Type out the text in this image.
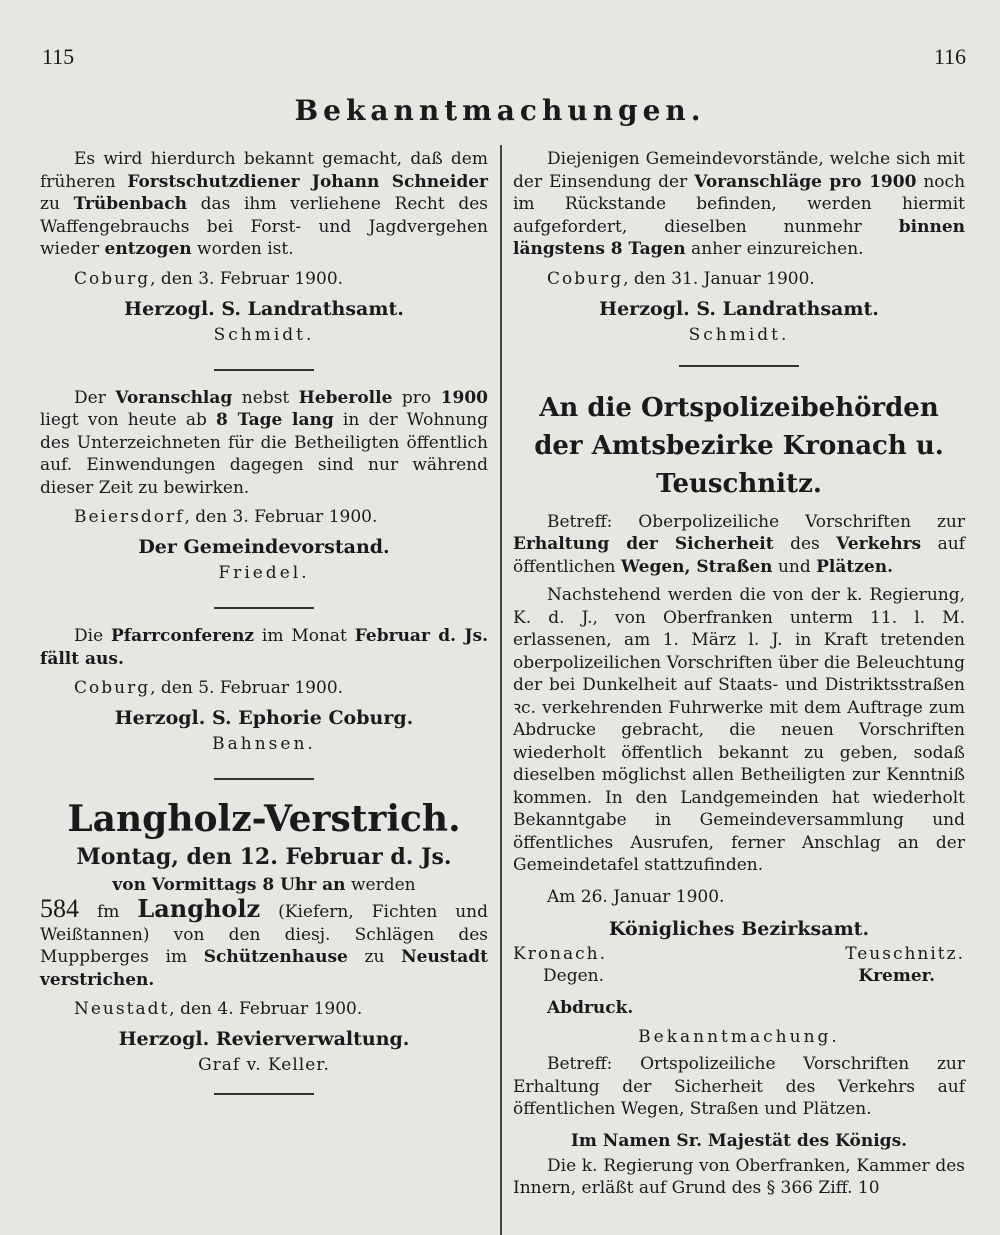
115	116
Bekanntmachungen.

Es wird hierdurch bekannt gemacht, daß dem früheren Forstschutzdiener Johann Schneider zu Trübenbach das ihm verliehene Recht des Waffengebrauchs bei Forst- und Jagdvergehen wieder entzogen worden ist.

Coburg, den 3. Februar 1900.
Herzogl. S. Landrathsamt.
Schmidt.

Der Voranschlag nebst Heberolle pro 1900 liegt von heute ab 8 Tage lang in der Wohnung des Unterzeichneten für die Betheiligten öffentlich auf. Einwendungen dagegen sind nur während dieser Zeit zu bewirken.

Beiersdorf, den 3. Februar 1900.
Der Gemeindevorstand.
Friedel.

Die Pfarrconferenz im Monat Februar d. Js. fällt aus.

Coburg, den 5. Februar 1900.
Herzogl. S. Ephorie Coburg.
Bahnsen.
Langholz-Verstrich.
Montag, den 12. Februar d. Js.
von Vormittags 8 Uhr an werden

584 fm Langholz (Kiefern, Fichten und Weißtannen) von den diesj. Schlägen des Muppberges im Schützenhause zu Neustadt verstrichen.

Neustadt, den 4. Februar 1900.
Herzogl. Revierverwaltung.
Graf v. Keller.

Diejenigen Gemeindevorstände, welche sich mit der Einsendung der Voranschläge pro 1900 noch im Rückstande befinden, werden hiermit aufgefordert, dieselben nunmehr binnen längstens 8 Tagen anher einzureichen.

Coburg, den 31. Januar 1900.
Herzogl. S. Landrathsamt.
Schmidt.
An die Ortspolizeibehörden
der Amtsbezirke Kronach u. Teuschnitz.

Betreff: Oberpolizeiliche Vorschriften zur Erhaltung der Sicherheit des Verkehrs auf öffentlichen Wegen, Straßen und Plätzen.

Nachstehend werden die von der k. Regierung, K. d. J., von Oberfranken unterm 11. l. M. erlassenen, am 1. März l. J. in Kraft tretenden oberpolizeilichen Vorschriften über die Beleuchtung der bei Dunkelheit auf Staats- und Distriktsstraßen ꝛc. verkehrenden Fuhrwerke mit dem Auftrage zum Abdrucke gebracht, die neuen Vorschriften wiederholt öffentlich bekannt zu geben, sodaß dieselben möglichst allen Betheiligten zur Kenntniß kommen. In den Landgemeinden hat wiederholt Bekanntgabe in Gemeindeversammlung und öffentliches Ausrufen, ferner Anschlag an der Gemeindetafel stattzufinden.

Am 26. Januar 1900.
Königliches Bezirksamt.
Kronach.	Teuschnitz.
Degen.	Kremer.

Abdruck.

Bekanntmachung.

Betreff: Ortspolizeiliche Vorschriften zur Erhaltung der Sicherheit des Verkehrs auf öffentlichen Wegen, Straßen und Plätzen.

Im Namen Sr. Majestät des Königs.

Die k. Regierung von Oberfranken, Kammer des Innern, erläßt auf Grund des § 366 Ziff. 10
